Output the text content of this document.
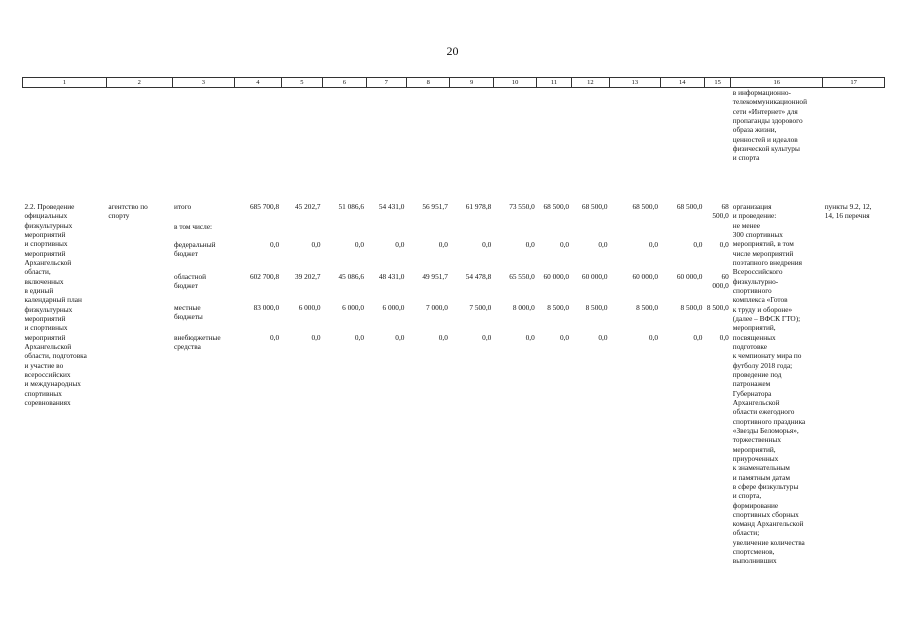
20
1	2	3	4	5	6	7	8	9	10	11	12	13	14	15	16	17
	в информационно-
телекоммуникационной
сети «Интернет» для
пропаганды здорового
образа жизни,
ценностей и идеалов
физической культуры
и спорта	

2.2. Проведение
официальных
физкультурных
мероприятий
и спортивных
мероприятий
Архангельской
области,
включенных
в единый
календарный план
физкультурных
мероприятий
и спортивных
мероприятий
Архангельской
области, подготовка
и участие во
всероссийских
и международных
спортивных
соревнованиях	агентство по
спорту	
итого	685 700,8	45 202,7	51 086,6	54 431,0	56 951,7	61 978,8	73 550,0	68 500,0	68 500,0	68 500,0	68 500,0	68 500,0
в том числе:	
федеральный
бюджет	0,0	0,0	0,0	0,0	0,0	0,0	0,0	0,0	0,0	0,0	0,0	0,0
областной
бюджет	602 700,8	39 202,7	45 086,6	48 431,0	49 951,7	54 478,8	65 550,0	60 000,0	60 000,0	60 000,0	60 000,0	60 000,0
местные
бюджеты	83 000,0	6 000,0	6 000,0	6 000,0	7 000,0	7 500,0	8 000,0	8 500,0	8 500,0	8 500,0	8 500,0	8 500,0
внебюджетные
средства	0,0	0,0	0,0	0,0	0,0	0,0	0,0	0,0	0,0	0,0	0,0	0,0
	организация
и проведение:
не менее
300 спортивных
мероприятий, в том
числе мероприятий
поэтапного внедрения
Всероссийского
физкультурно-
спортивного
комплекса «Готов
к труду и обороне»
(далее – ВФСК ГТО);
мероприятий,
посвященных
подготовке
к чемпионату мира по
футболу 2018 года;
проведение под
патронажем
Губернатора
Архангельской
области ежегодного
спортивного праздника
«Звезды Беломорья»,
торжественных
мероприятий,
приуроченных
к знаменательным
и памятным датам
в сфере физкультуры
и спорта,
формирование
спортивных сборных
команд Архангельской
области;
увеличение количества
спортсменов,
выполнивших	пункты 9.2, 12,
14, 16 перечня
